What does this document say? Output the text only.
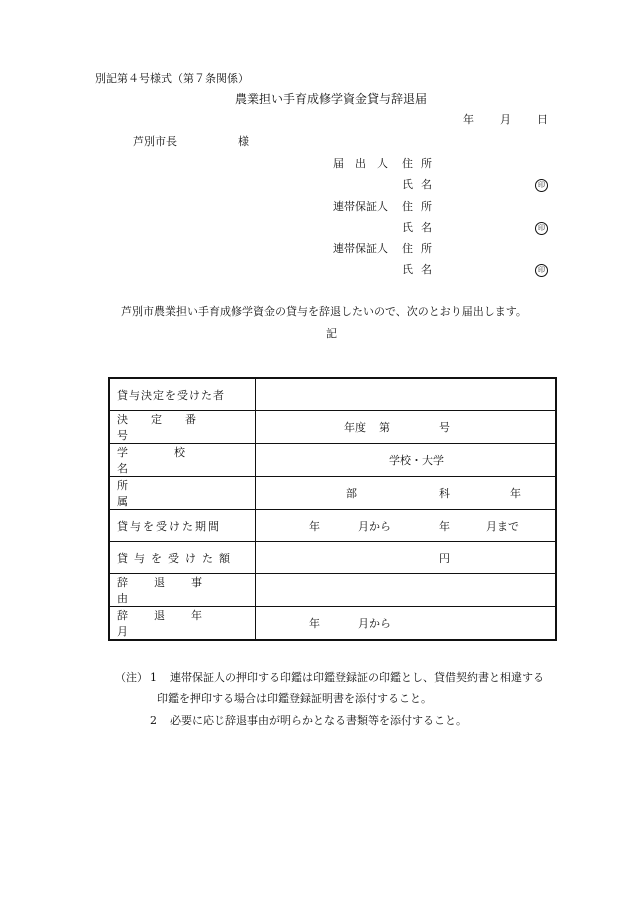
別記第４号様式（第７条関係）
農業担い手育成修学資金貸与辞退届
年 月 日
芦別市長	様
届出人 住所
氏名	印
連帯保証人 住所
氏名	印
連帯保証人 住所
氏名	印
芦別市農業担い手育成修学資金の貸与を辞退したいので、次のとおり届出します。
記
貸与決定を受けた者	
決定番号	年度 第 号

学校名	学校・大学

所属	部 科 年

貸与を受けた期間	年 月から 年 月まで

貸与を受けた額	円

辞退事由	
辞退年月	年 月から
（注） 1 連帯保証人の押印する印鑑は印鑑登録証の印鑑とし、貸借契約書と相違する
印鑑を押印する場合は印鑑登録証明書を添付すること。
2 必要に応じ辞退事由が明らかとなる書類等を添付すること。
